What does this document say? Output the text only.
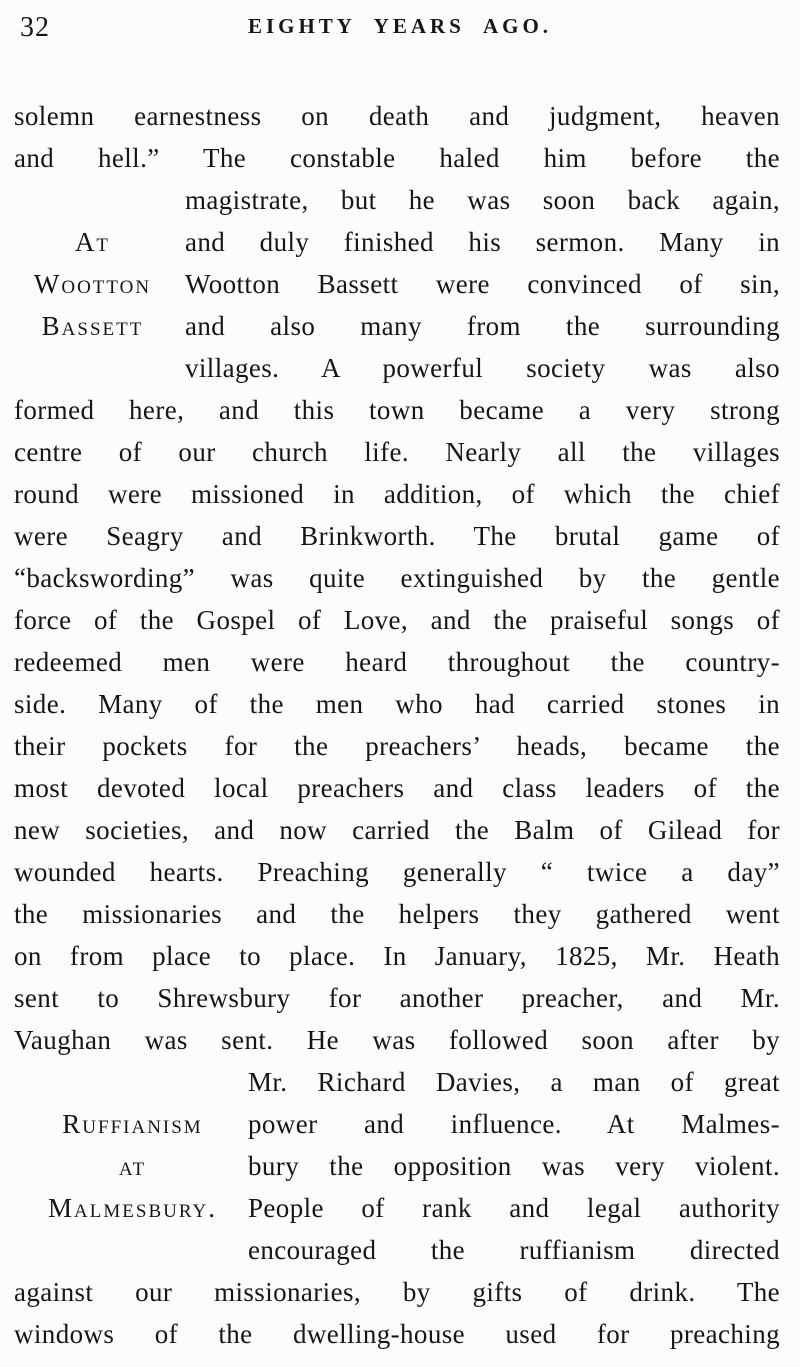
32	EIGHTY YEARS AGO.
solemn earnestness on death and judgment, heaven
and hell.” The constable haled him before the
magistrate, but he was soon back again,
and duly finished his sermon. Many in
Wootton Bassett were convinced of sin,
and also many from the surrounding
villages. A powerful society was also
formed here, and this town became a very strong
centre of our church life. Nearly all the villages
round were missioned in addition, of which the chief
were Seagry and Brinkworth. The brutal game of
“backswording” was quite extinguished by the gentle
force of the Gospel of Love, and the praiseful songs of
redeemed men were heard throughout the country-
side. Many of the men who had carried stones in
their pockets for the preachers’ heads, became the
most devoted local preachers and class leaders of the
new societies, and now carried the Balm of Gilead for
wounded hearts. Preaching generally “ twice a day”
the missionaries and the helpers they gathered went
on from place to place. In January, 1825, Mr. Heath
sent to Shrewsbury for another preacher, and Mr.
Vaughan was sent. He was followed soon after by
Mr. Richard Davies, a man of great
power and influence. At Malmes-
bury the opposition was very violent.
People of rank and legal authority
encouraged the ruffianism directed
against our missionaries, by gifts of drink. The
windows of the dwelling-house used for preaching
At
Wootton
Bassett
Ruffianism
at
Malmesbury.
